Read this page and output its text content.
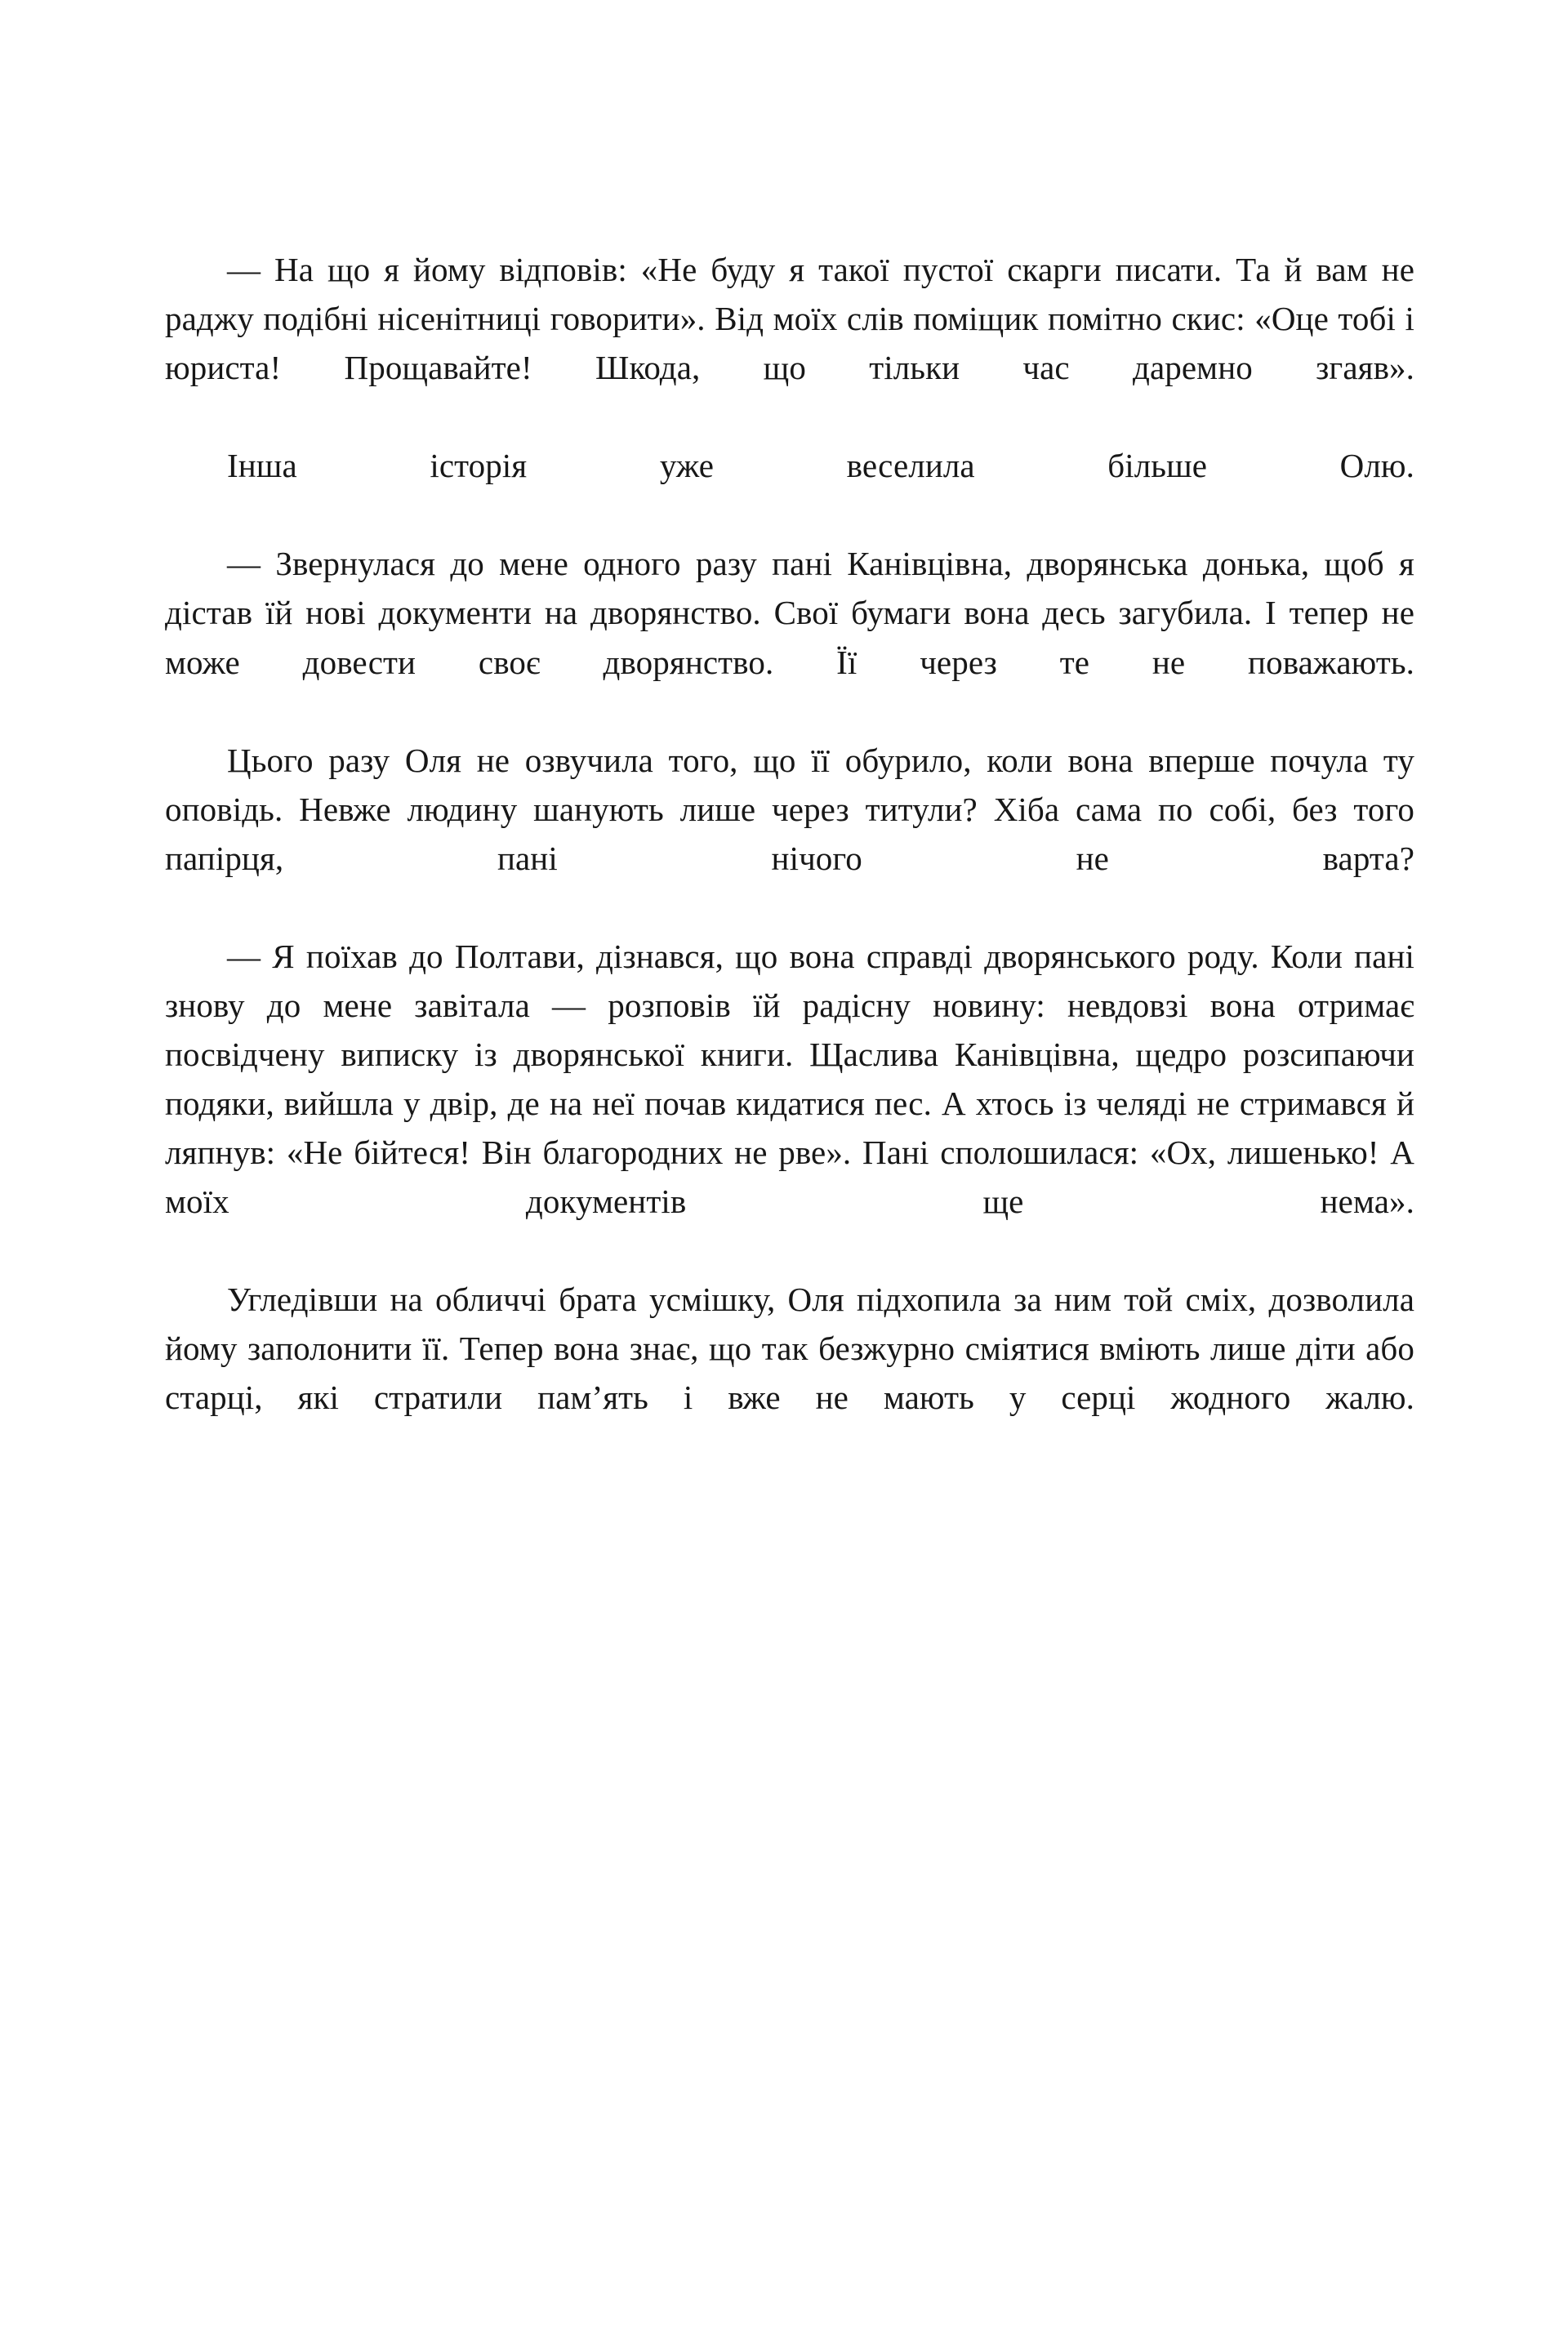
— На що я йому відповів: «Не буду я такої пустої скарги писати. Та й вам не раджу подібні нісенітниці говорити». Від моїх слів поміщик помітно скис: «Оце тобі і юриста! Прощавайте! Шкода, що тільки час даремно згаяв».

Інша історія уже веселила більше Олю.

— Звернулася до мене одного разу пані Канівцівна, дворянська донька, щоб я дістав їй нові документи на дворянство. Свої бумаги вона десь загубила. І тепер не може довести своє дворянство. Її через те не поважають.

Цього разу Оля не озвучила того, що її обурило, коли вона вперше почула ту оповідь. Невже людину шанують лише через титули? Хіба сама по собі, без того папірця, пані нічого не варта?

— Я поїхав до Полтави, дізнався, що вона справді дворянського роду. Коли пані знову до мене завітала — розповів їй радісну новину: невдовзі вона отримає посвідчену виписку із дворянської книги. Щаслива Канівцівна, щедро розсипаючи подяки, вийшла у двір, де на неї почав кидатися пес. А хтось із челяді не стримався й ляпнув: «Не бійтеся! Він благородних не рве». Пані сполошилася: «Ох, лишенько! А моїх документів ще нема».

Угледівши на обличчі брата усмішку, Оля підхопила за ним той сміх, дозволила йому заполонити її. Тепер вона знає, що так безжурно сміятися вміють лише діти або старці, які стратили пам’ять і вже не мають у серці жодного жалю.
